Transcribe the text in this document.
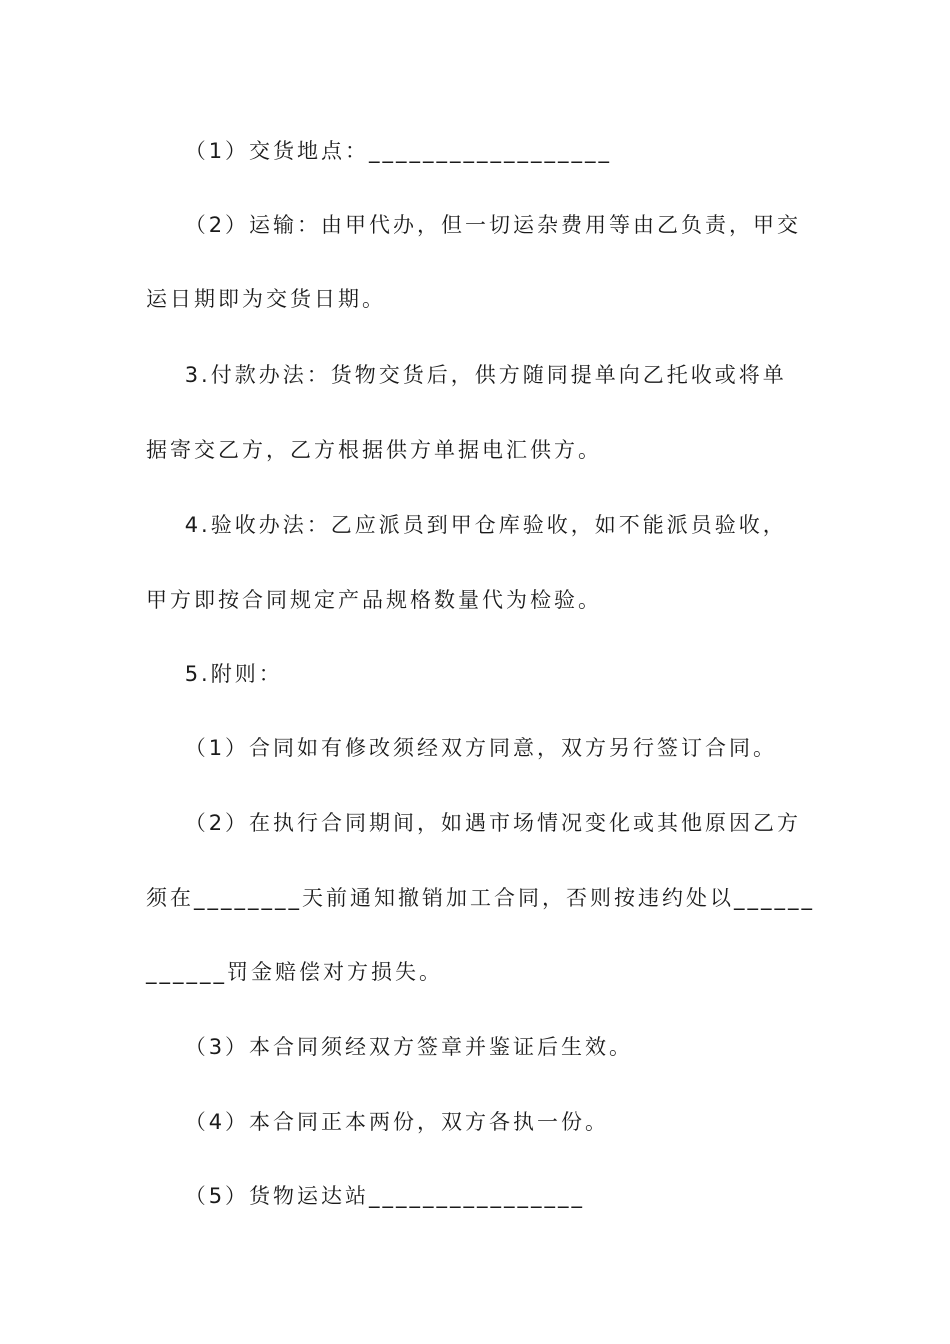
（1）交货地点：__________________
（2）运输：由甲代办，但一切运杂费用等由乙负责，甲交
运日期即为交货日期。
3.付款办法：货物交货后，供方随同提单向乙托收或将单
据寄交乙方，乙方根据供方单据电汇供方。
4.验收办法：乙应派员到甲仓库验收，如不能派员验收，
甲方即按合同规定产品规格数量代为检验。
5.附则：
（1）合同如有修改须经双方同意，双方另行签订合同。
（2）在执行合同期间，如遇市场情况变化或其他原因乙方
须在________天前通知撤销加工合同，否则按违约处以______
______罚金赔偿对方损失。
（3）本合同须经双方签章并鉴证后生效。
（4）本合同正本两份，双方各执一份。
（5）货物运达站________________
